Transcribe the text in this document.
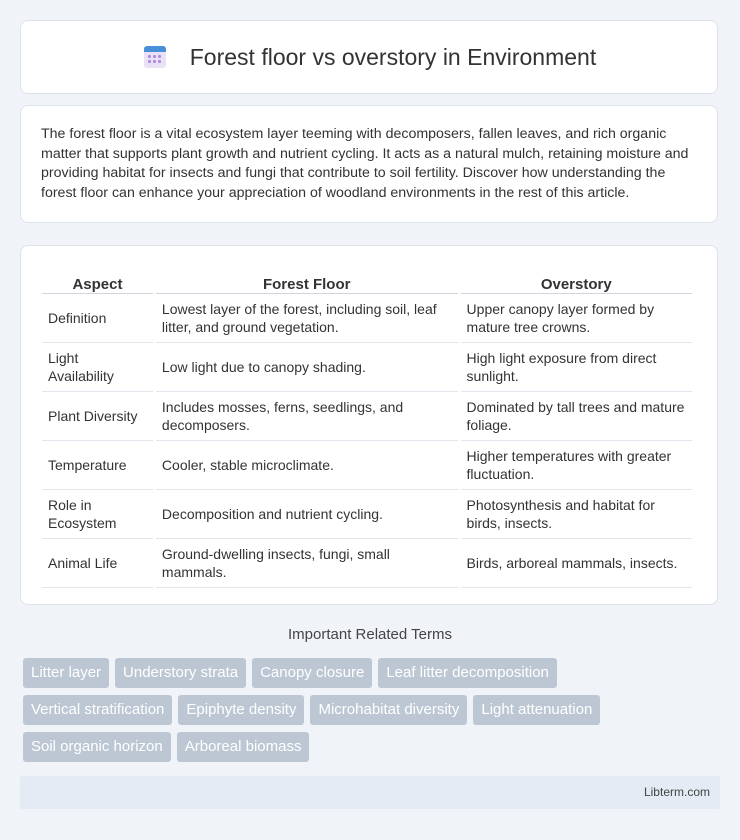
Forest floor vs overstory in Environment

The forest floor is a vital ecosystem layer teeming with decomposers, fallen leaves, and rich organic matter that supports plant growth and nutrient cycling. It acts as a natural mulch, retaining moisture and providing habitat for insects and fungi that contribute to soil fertility. Discover how understanding the forest floor can enhance your appreciation of woodland environments in the rest of this article.

Aspect	Forest Floor	Overstory
Definition	Lowest layer of the forest, including soil, leaf litter, and ground vegetation.	Upper canopy layer formed by mature tree crowns.
Light Availability	Low light due to canopy shading.	High light exposure from direct sunlight.
Plant Diversity	Includes mosses, ferns, seedlings, and decomposers.	Dominated by tall trees and mature foliage.
Temperature	Cooler, stable microclimate.	Higher temperatures with greater fluctuation.
Role in Ecosystem	Decomposition and nutrient cycling.	Photosynthesis and habitat for birds, insects.
Animal Life	Ground-dwelling insects, fungi, small mammals.	Birds, arboreal mammals, insects.
Important Related Terms
Litter layer	Understory strata	Canopy closure	Leaf litter decomposition
Vertical stratification	Epiphyte density	Microhabitat diversity	Light attenuation
Soil organic horizon	Arboreal biomass
Libterm.com
